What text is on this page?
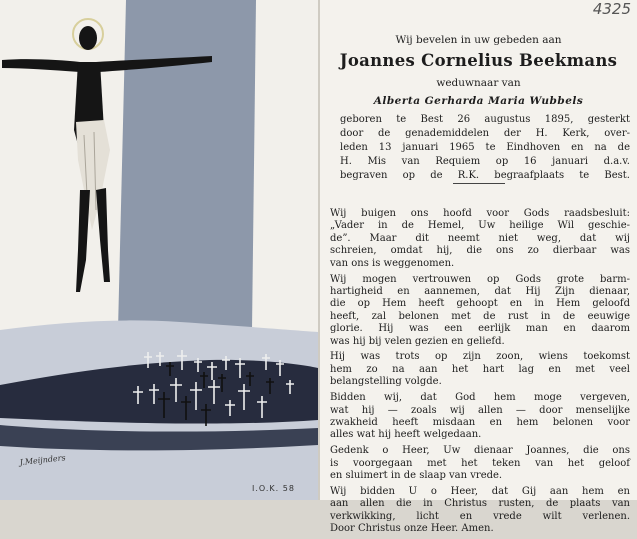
J.Meijnders
I.O.K. 58
4325
Wij bevelen in uw gebeden aan
Joannes Cornelius Beekmans
weduwnaar van
Alberta Gerharda Maria Wubbels
geboren te Best 26 augustus 1895, gesterkt
door de genademiddelen der H. Kerk, over-
leden 13 januari 1965 te Eindhoven en na de
H. Mis van Requiem op 16 januari d.a.v.
begraven op de R.K. begraafplaats te Best.

Wij buigen ons hoofd voor Gods raadsbesluit:
„Vader in de Hemel, Uw heilige Wil geschie-
de”. Maar dit neemt niet weg, dat wij
schreien, omdat hij, die ons zo dierbaar was
van ons is weggenomen.

Wij mogen vertrouwen op Gods grote barm-
hartigheid en aannemen, dat Hij Zijn dienaar,
die op Hem heeft gehoopt en in Hem geloofd
heeft, zal belonen met de rust in de eeuwige
glorie. Hij was een eerlijk man en daarom
was hij bij velen gezien en geliefd.

Hij was trots op zijn zoon, wiens toekomst
hem zo na aan het hart lag en met veel
belangstelling volgde.

Bidden wij, dat God hem moge vergeven,
wat hij — zoals wij allen — door menselijke
zwakheid heeft misdaan en hem belonen voor
alles wat hij heeft welgedaan.

Gedenk o Heer, Uw dienaar Joannes, die ons
is voorgegaan met het teken van het geloof
en sluimert in de slaap van vrede.

Wij bidden U o Heer, dat Gij aan hem en
aan allen die in Christus rusten, de plaats van
verkwikking, licht en vrede wilt verlenen.
Door Christus onze Heer. Amen.
